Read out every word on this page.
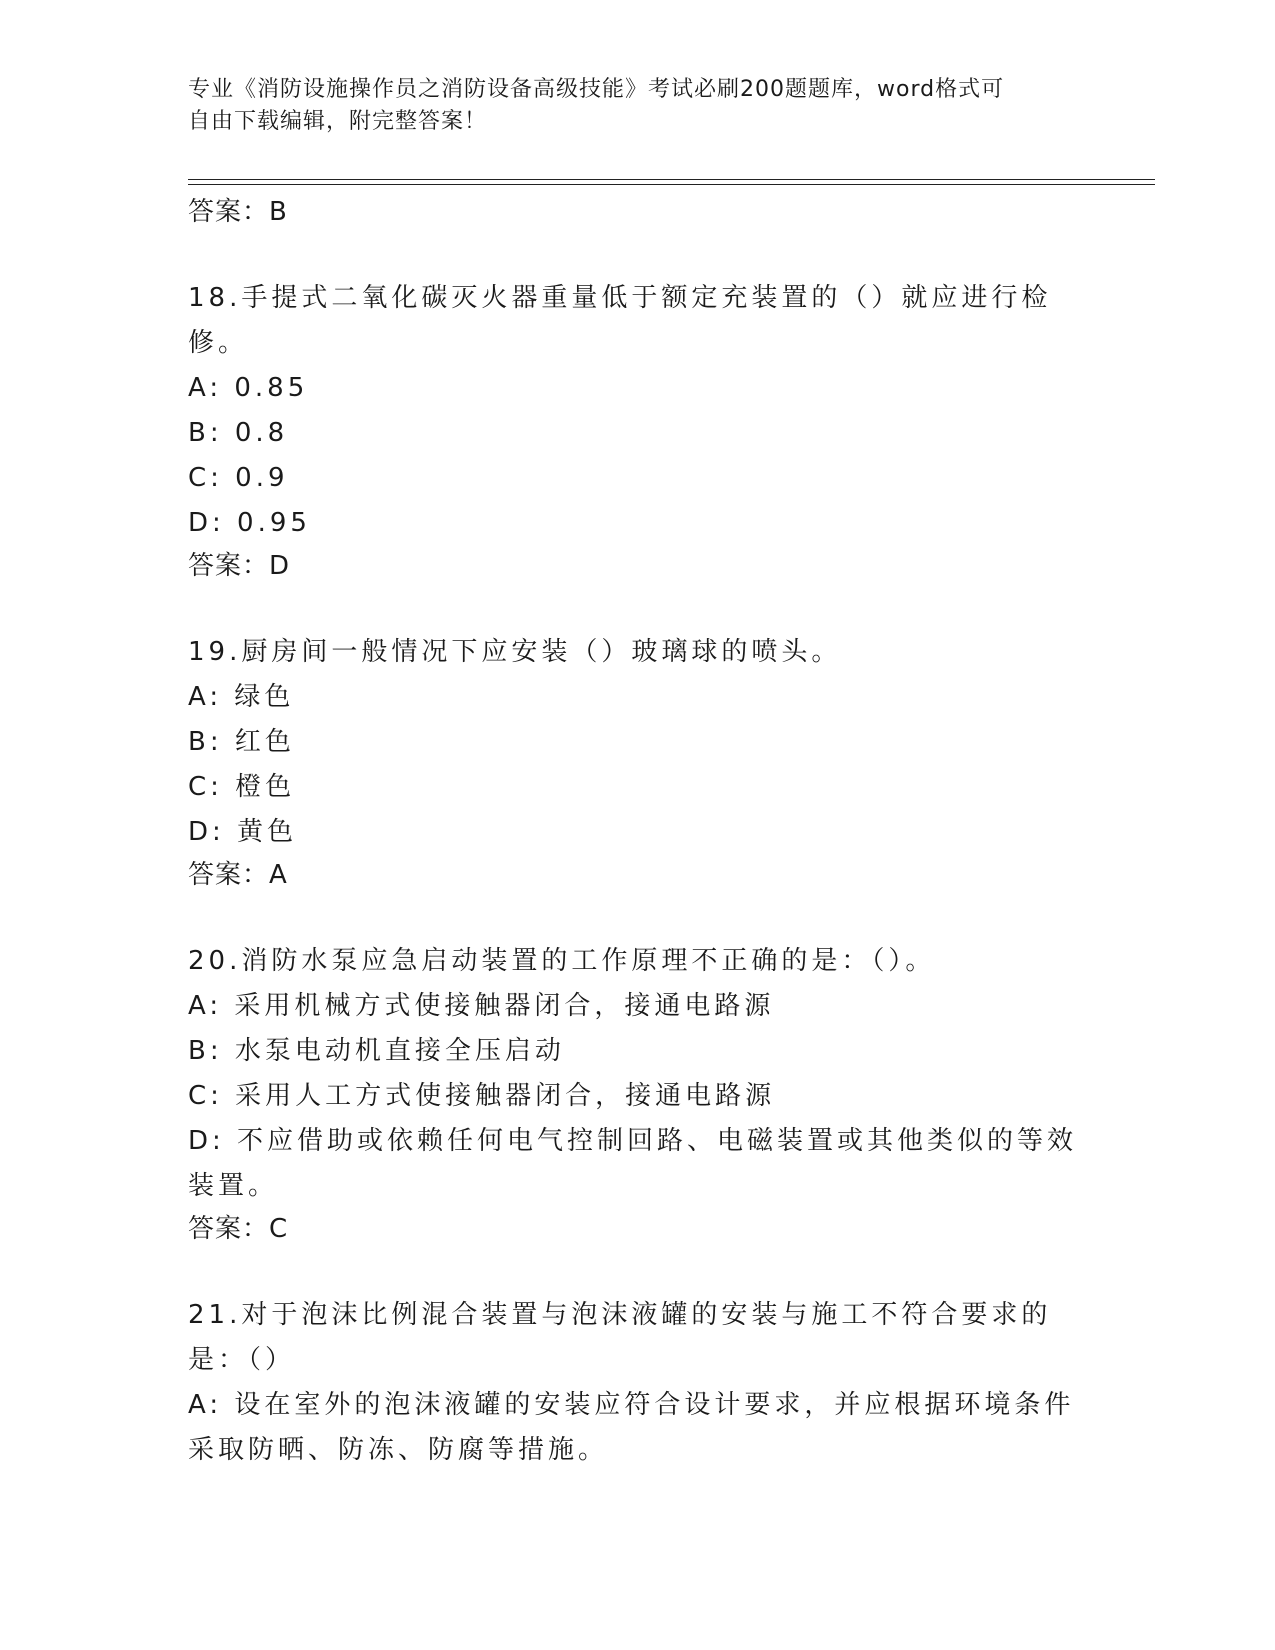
专业《消防设施操作员之消防设备高级技能》考试必刷200题题库，word格式可
自由下载编辑，附完整答案！
答案：B
18.手提式二氧化碳灭火器重量低于额定充装置的（）就应进行检修。
A: 0.85
B: 0.8
C: 0.9
D: 0.95
答案：D
19.厨房间一般情况下应安装（）玻璃球的喷头。
A: 绿色
B: 红色
C: 橙色
D: 黄色
答案：A
20.消防水泵应急启动装置的工作原理不正确的是：（）。
A: 采用机械方式使接触器闭合，接通电路源
B: 水泵电动机直接全压启动
C: 采用人工方式使接触器闭合，接通电路源
D: 不应借助或依赖任何电气控制回路、电磁装置或其他类似的等效装置。
答案：C
21.对于泡沫比例混合装置与泡沫液罐的安装与施工不符合要求的是：（）
A: 设在室外的泡沫液罐的安装应符合设计要求，并应根据环境条件采取防晒、防冻、防腐等措施。
